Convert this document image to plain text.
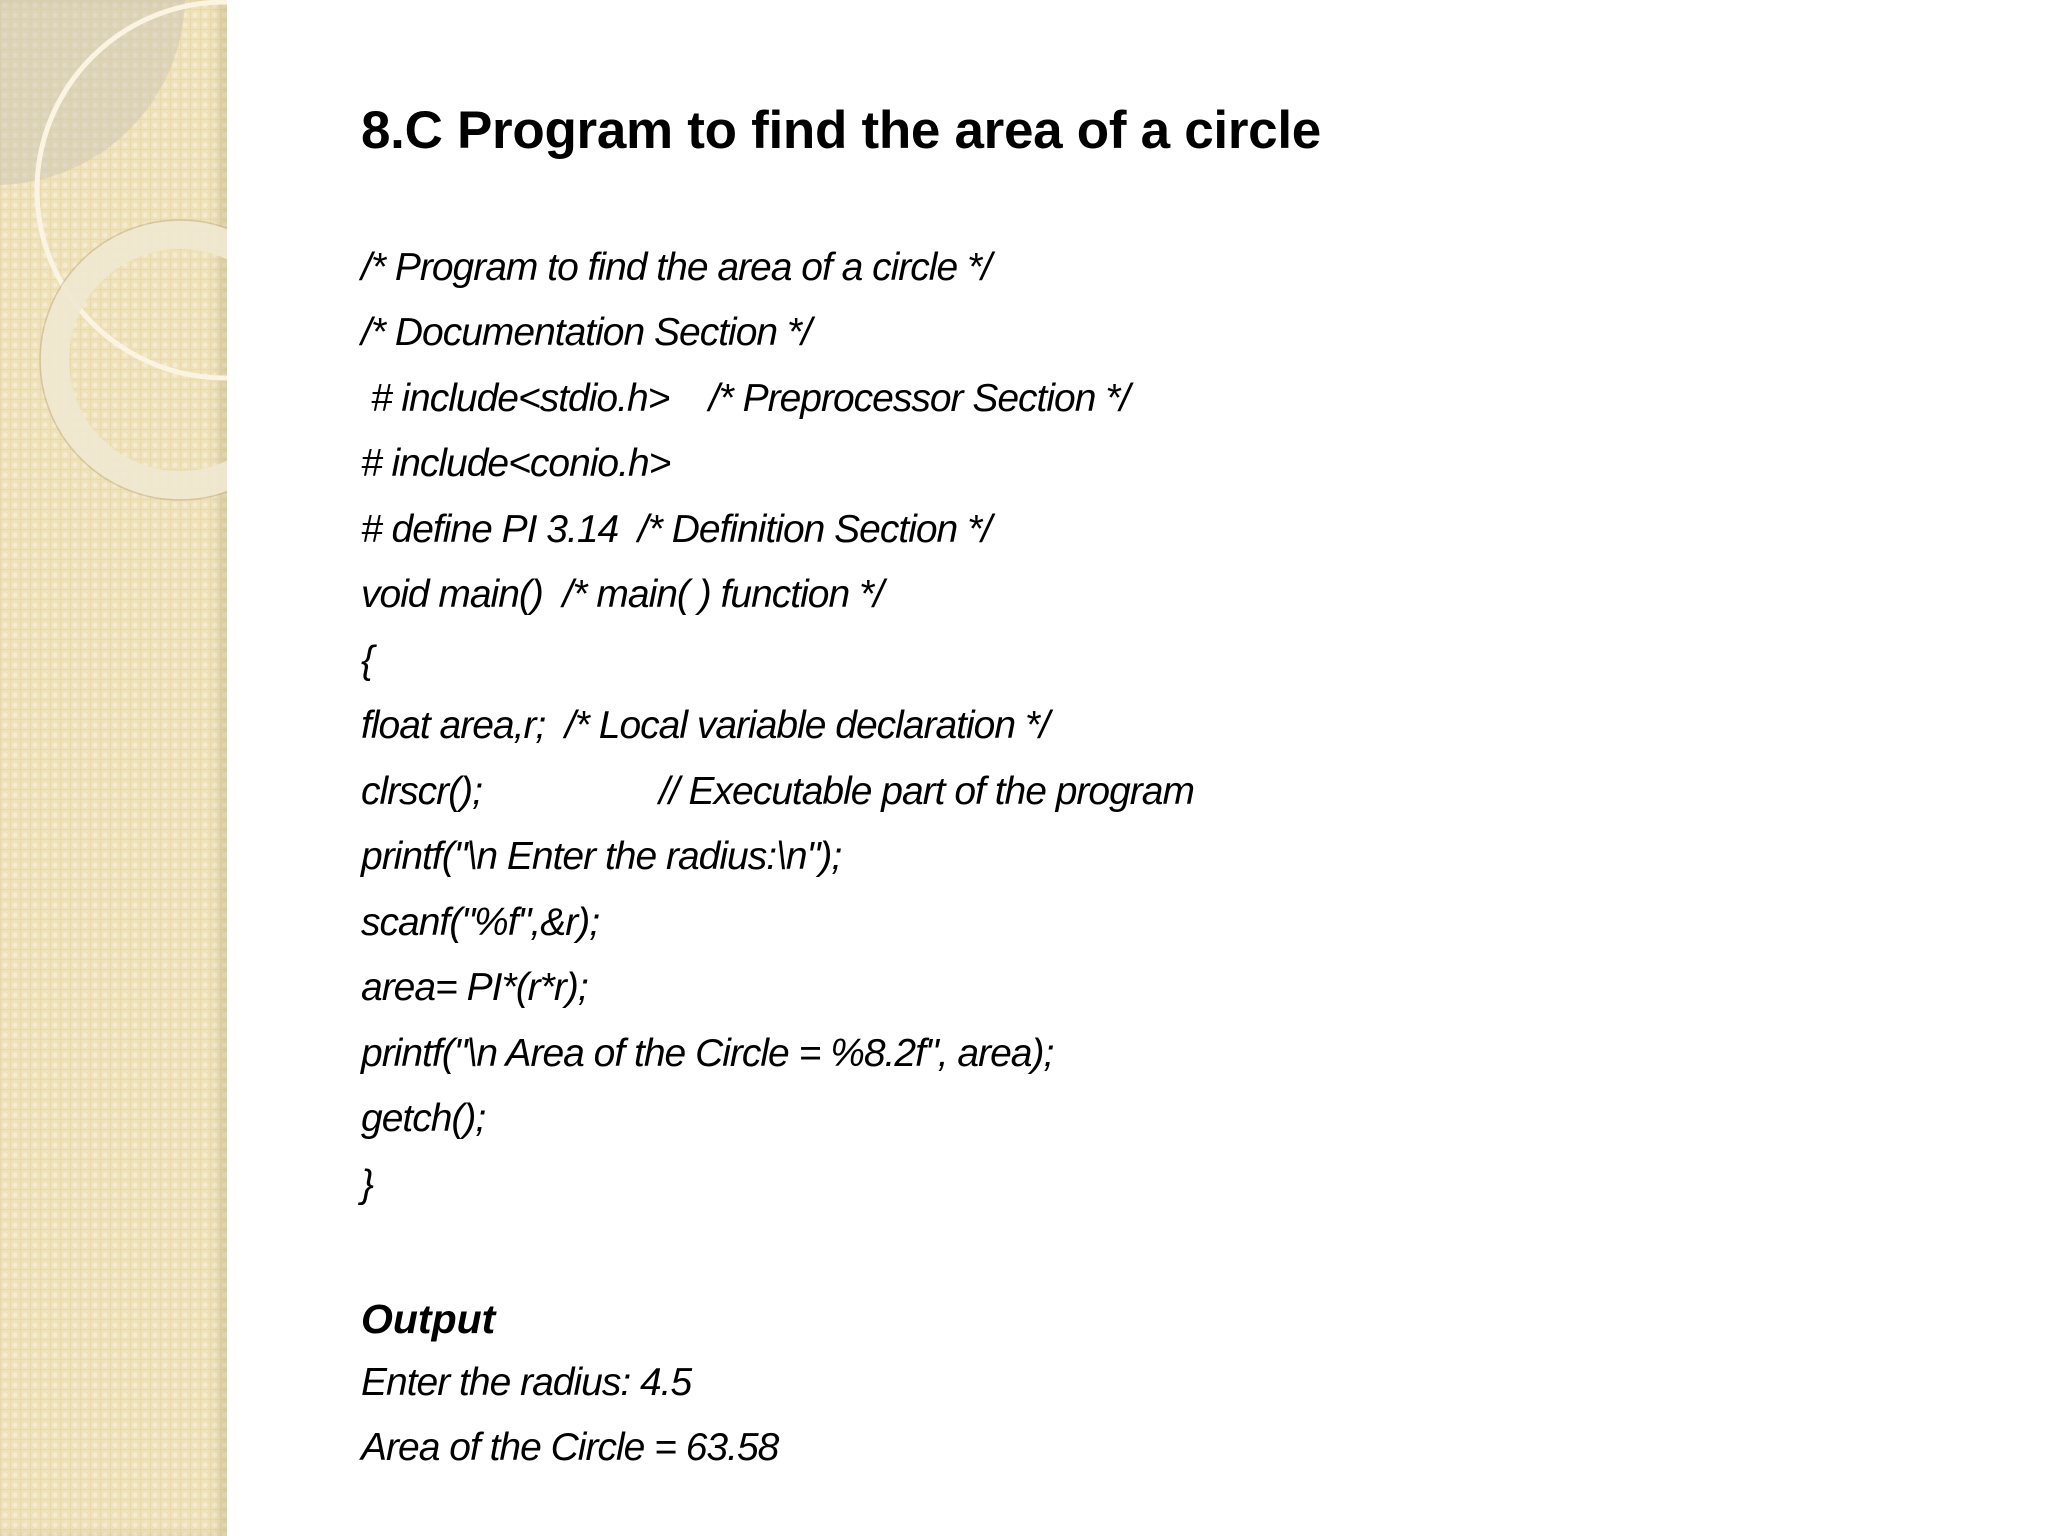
8.C Program to find the area of a circle
/* Program to find the area of a circle */
/* Documentation Section */
# include<stdio.h>    /* Preprocessor Section */
# include<conio.h>
# define PI 3.14  /* Definition Section */
void main()  /* main( ) function */
{
float area,r;  /* Local variable declaration */
clrscr();                  // Executable part of the program
printf("\n Enter the radius:\n");
scanf("%f",&r);
area= PI*(r*r);
printf("\n Area of the Circle = %8.2f", area);
getch();
}
Output
Enter the radius: 4.5
Area of the Circle = 63.58
